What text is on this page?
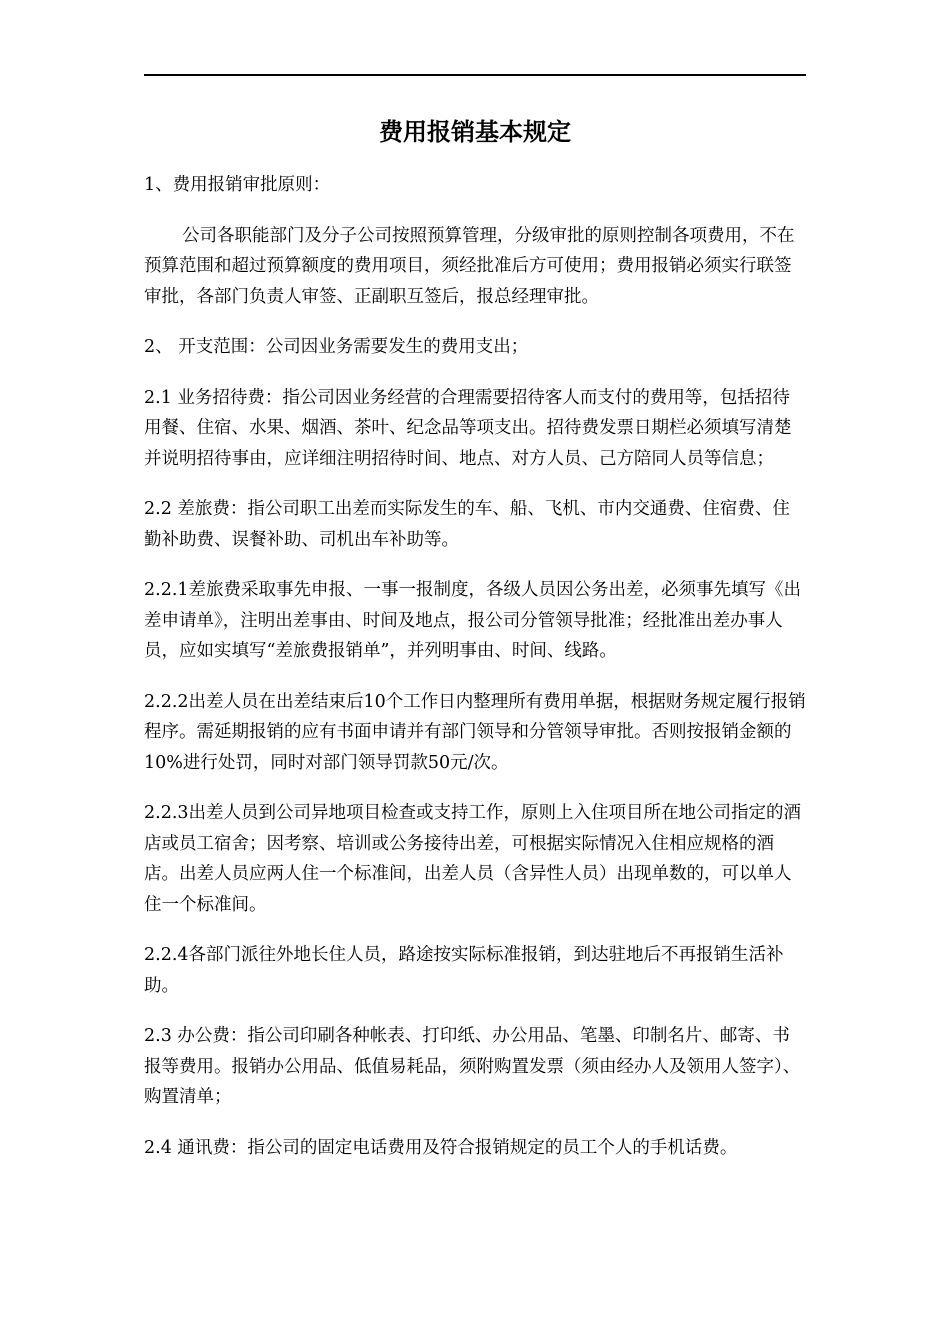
费用报销基本规定

1、费用报销审批原则：

公司各职能部门及分子公司按照预算管理，分级审批的原则控制各项费用，不在预算范围和超过预算额度的费用项目，须经批准后方可使用；费用报销必须实行联签审批，各部门负责人审签、正副职互签后，报总经理审批。

2、 开支范围：公司因业务需要发生的费用支出；

2.1 业务招待费：指公司因业务经营的合理需要招待客人而支付的费用等，包括招待用餐、住宿、水果、烟酒、茶叶、纪念品等项支出。招待费发票日期栏必须填写清楚并说明招待事由，应详细注明招待时间、地点、对方人员、己方陪同人员等信息；

2.2 差旅费：指公司职工出差而实际发生的车、船、飞机、市内交通费、住宿费、住勤补助费、误餐补助、司机出车补助等。

2.2.1差旅费采取事先申报、一事一报制度，各级人员因公务出差，必须事先填写《出差申请单》，注明出差事由、时间及地点，报公司分管领导批准；经批准出差办事人员，应如实填写“差旅费报销单”，并列明事由、时间、线路。

2.2.2出差人员在出差结束后10个工作日内整理所有费用单据，根据财务规定履行报销程序。需延期报销的应有书面申请并有部门领导和分管领导审批。否则按报销金额的10%进行处罚，同时对部门领导罚款50元/次。

2.2.3出差人员到公司异地项目检查或支持工作，原则上入住项目所在地公司指定的酒店或员工宿舍；因考察、培训或公务接待出差，可根据实际情况入住相应规格的酒店。出差人员应两人住一个标准间，出差人员（含异性人员）出现单数的，可以单人住一个标准间。

2.2.4各部门派往外地长住人员，路途按实际标准报销，到达驻地后不再报销生活补助。

2.3 办公费：指公司印刷各种帐表、打印纸、办公用品、笔墨、印制名片、邮寄、书报等费用。报销办公用品、低值易耗品，须附购置发票（须由经办人及领用人签字）、购置清单；

2.4 通讯费：指公司的固定电话费用及符合报销规定的员工个人的手机话费。
